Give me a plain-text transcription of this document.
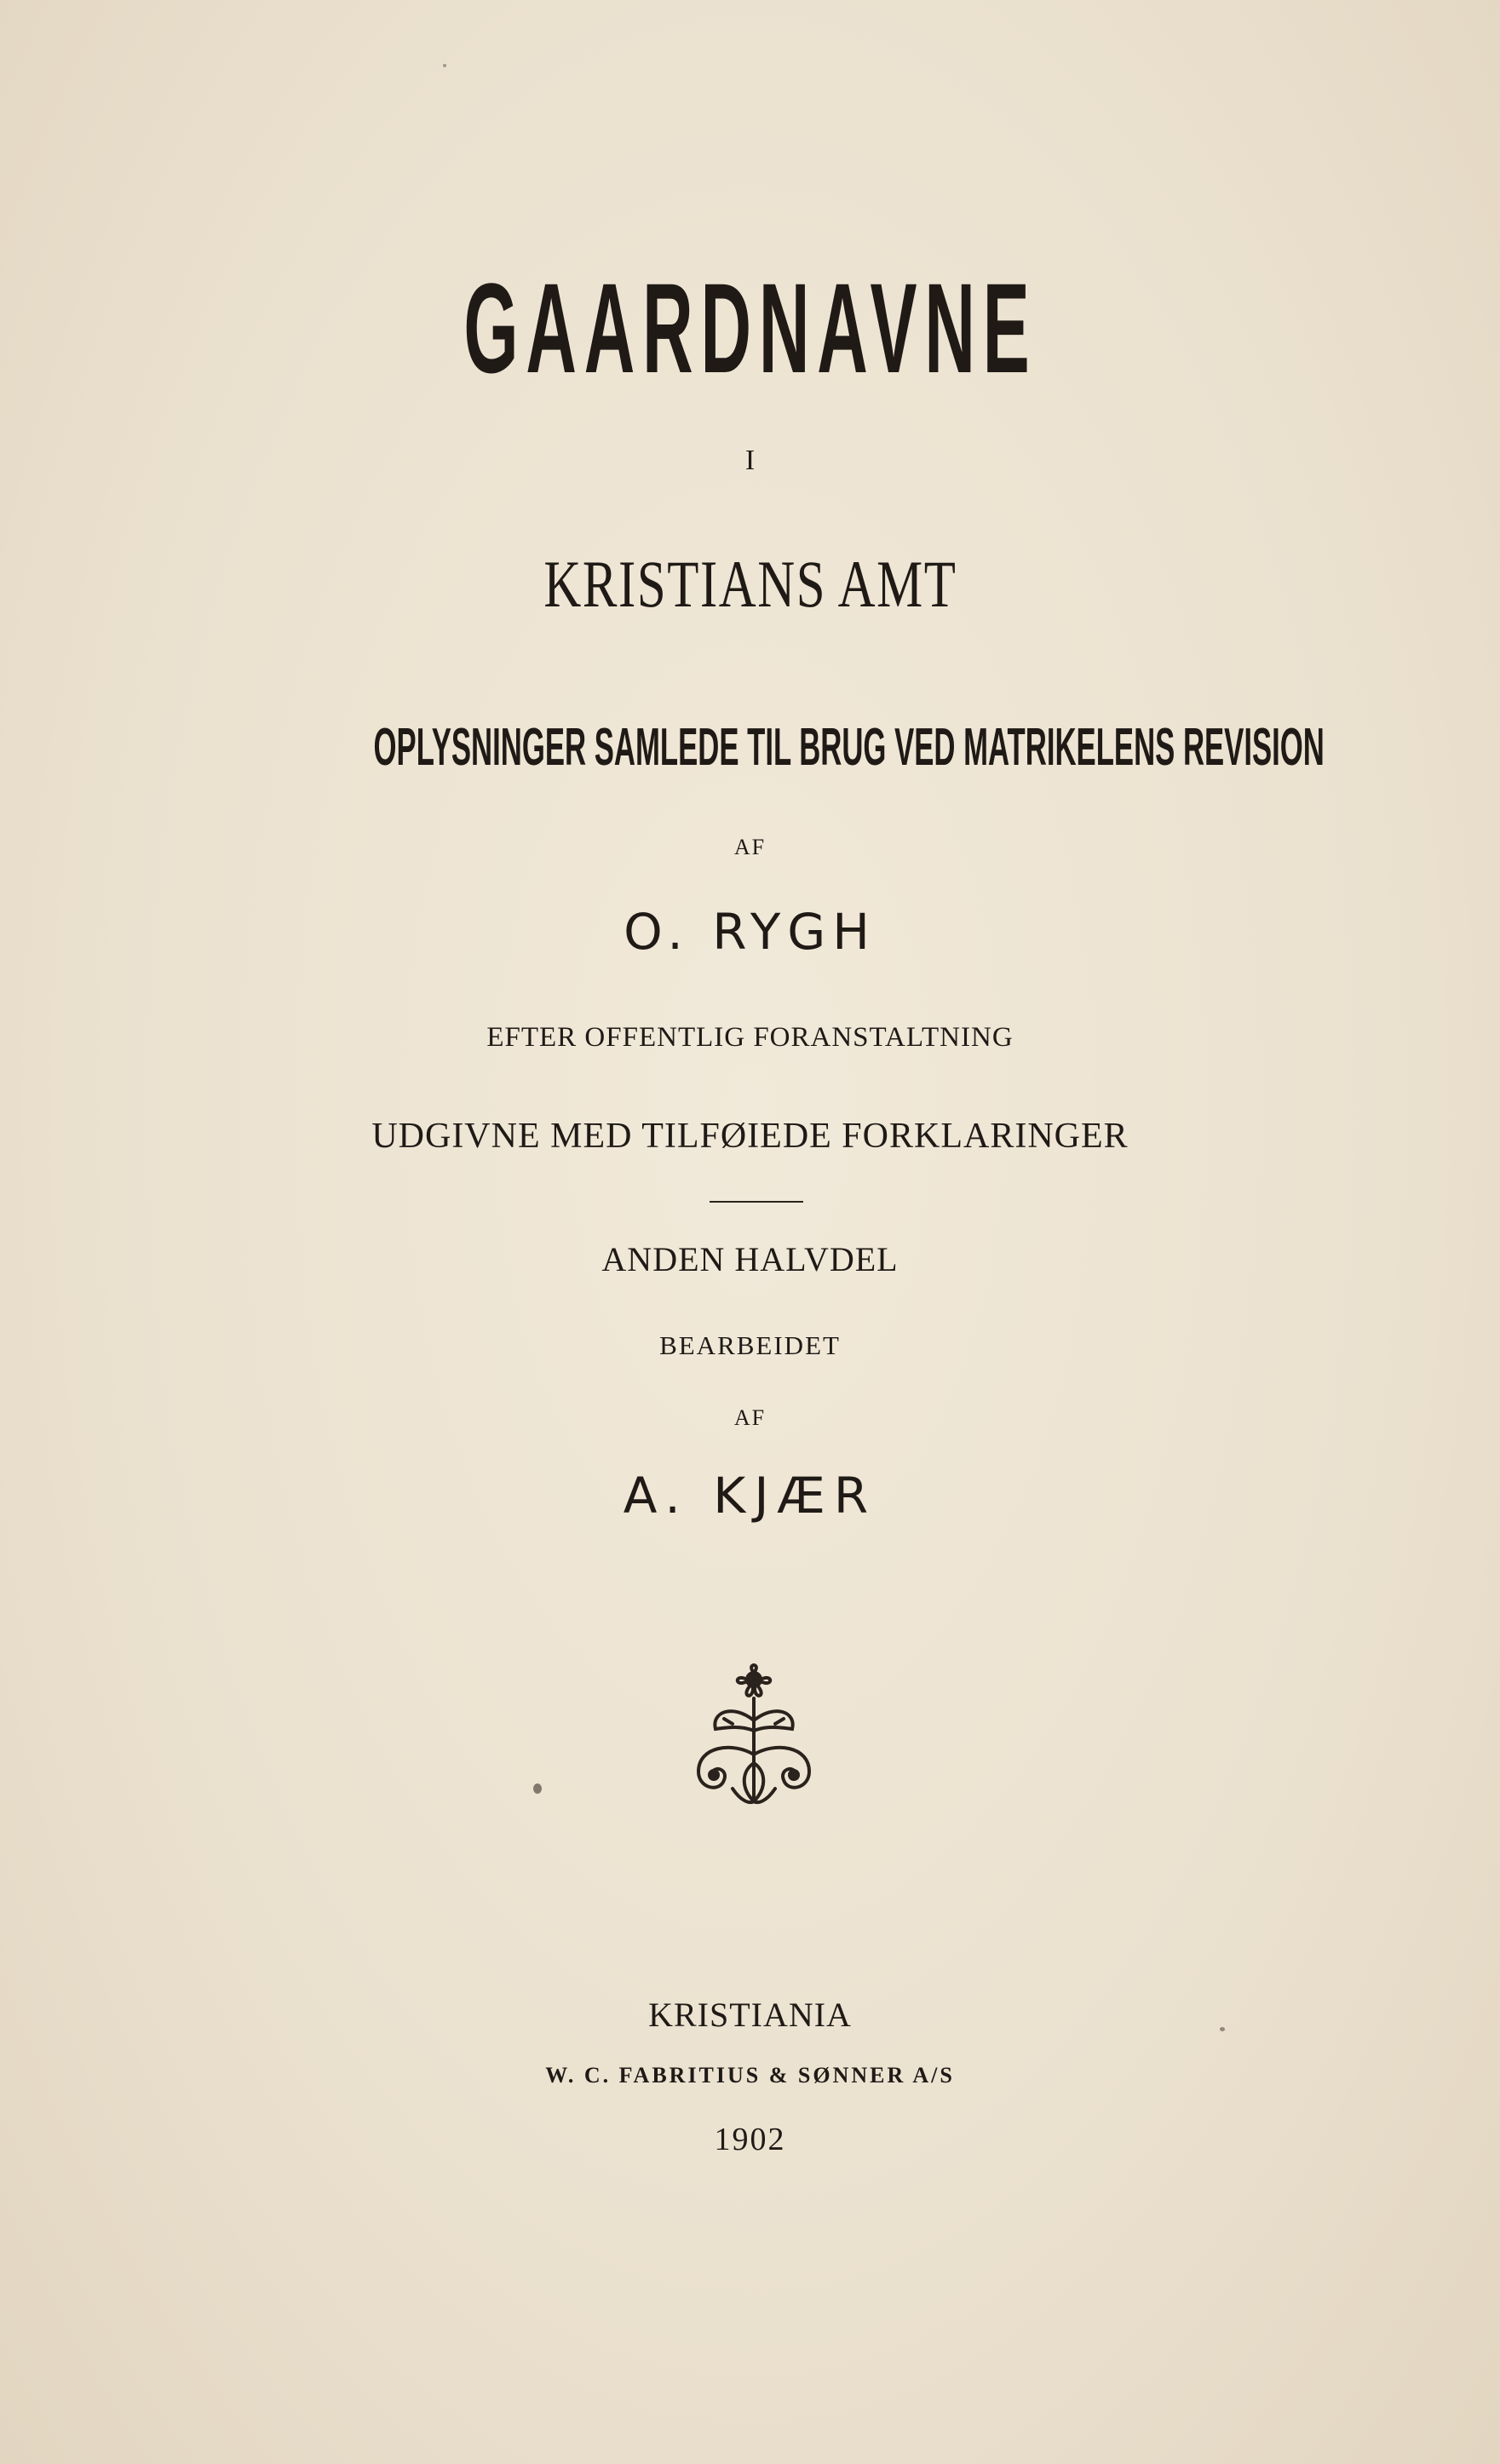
GAARDNAVNE
I
KRISTIANS AMT
OPLYSNINGER SAMLEDE TIL BRUG VED MATRIKELENS REVISION
AF
O. RYGH
EFTER OFFENTLIG FORANSTALTNING
UDGIVNE MED TILFØIEDE FORKLARINGER
ANDEN HALVDEL
BEARBEIDET
AF
A. KJÆR
KRISTIANIA
W. C. FABRITIUS & SØNNER A/S
1902
